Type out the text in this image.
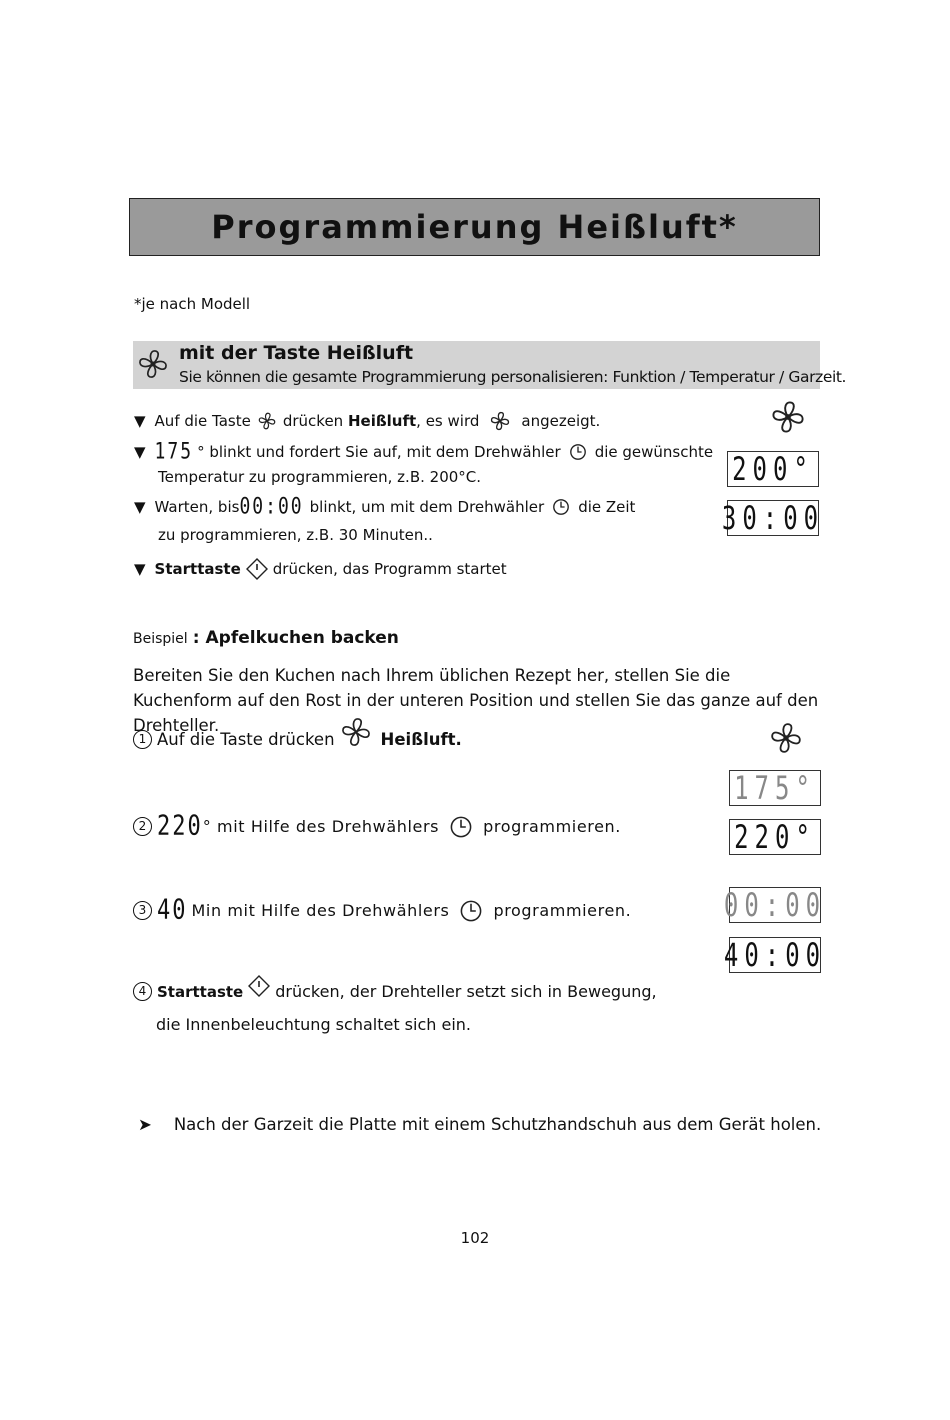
Programmierung Heißluft*
*je nach Modell
mit der Taste Heißluft
Sie können die gesamte Programmierung personalisieren: Funktion / Temperatur / Garzeit.
▼ Auf die Taste drücken
Heißluft , es wird	angezeigt.
▼ 175 ° blinkt und fordert Sie auf, mit dem Drehwähler die gewünschte
Temperatur zu programmieren, z.B. 200°C.
▼ Warten, bis 00:00 blinkt, um mit dem Drehwähler die Zeit
zu programmieren, z.B. 30 Minuten..
▼ Starttaste drücken, das Programm startet
200°
30:00
Beispiel : Apfelkuchen backen
Bereiten Sie den Kuchen nach Ihrem üblichen Rezept her, stellen Sie die Kuchenform auf den Rost in der unteren Position und stellen Sie das ganze auf den Drehteller.
1 Auf die Taste drücken	Heißluft.
2 220 ° mit Hilfe des Drehwählers	programmieren.
3 40 Min mit Hilfe des Drehwählers	programmieren.
4 Starttaste drücken, der Drehteller setzt sich in Bewegung,
die Innenbeleuchtung schaltet sich ein.
175°
220°
00:00
40:00
➤ Nach der Garzeit die Platte mit einem Schutzhandschuh aus dem Gerät holen.
102
